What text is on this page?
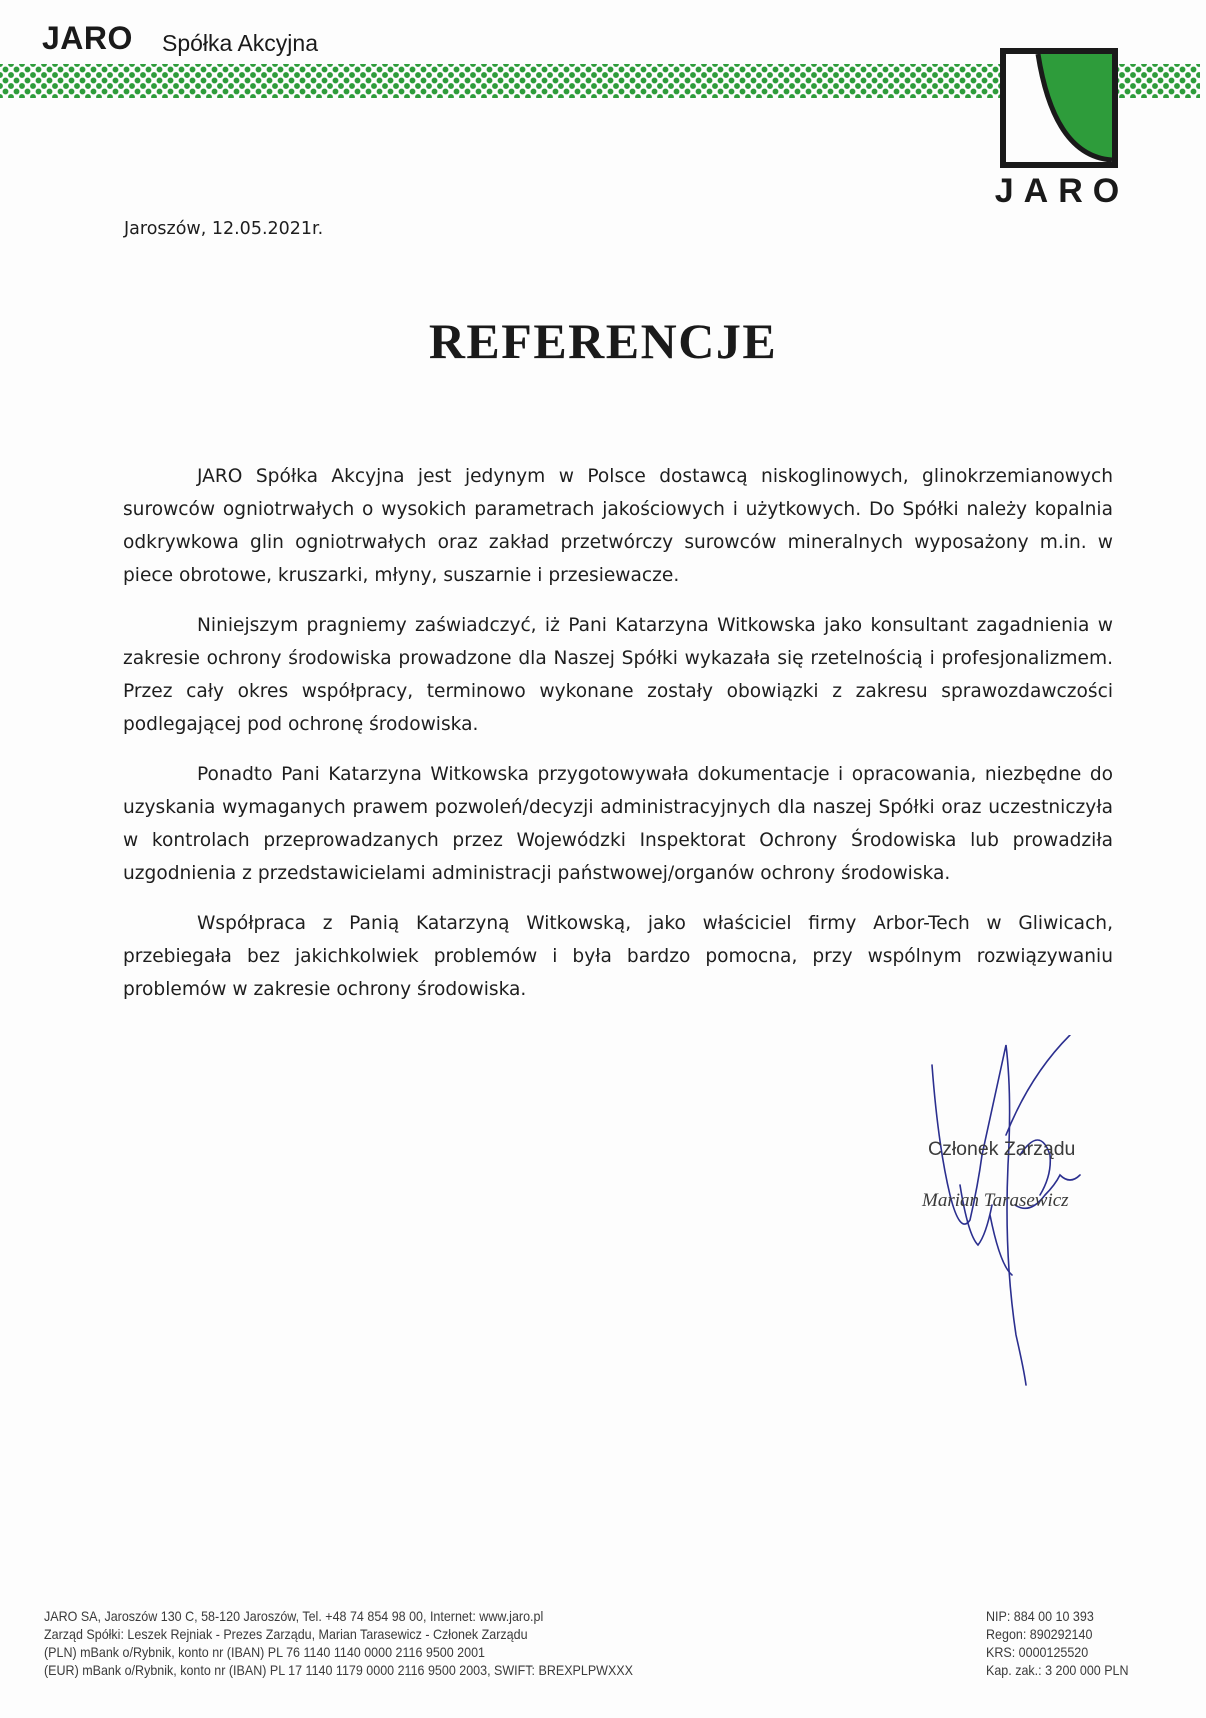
JARO Spółka Akcyjna
JARO
Jaroszów, 12.05.2021r.
REFERENCJE

JARO Spółka Akcyjna jest jedynym w Polsce dostawcą niskoglinowych, glinokrzemianowych surowców ogniotrwałych o wysokich parametrach jakościowych i użytkowych. Do Spółki należy kopalnia odkrywkowa glin ogniotrwałych oraz zakład przetwórczy surowców mineralnych wyposażony m.in. w piece obrotowe, kruszarki, młyny, suszarnie i przesiewacze.

Niniejszym pragniemy zaświadczyć, iż Pani Katarzyna Witkowska jako konsultant zagadnienia w zakresie ochrony środowiska prowadzone dla Naszej Spółki wykazała się rzetelnością i profesjonalizmem. Przez cały okres współpracy, terminowo wykonane zostały obowiązki z zakresu sprawozdawczości podlegającej pod ochronę środowiska.

Ponadto Pani Katarzyna Witkowska przygotowywała dokumentacje i opracowania, niezbędne do uzyskania wymaganych prawem pozwoleń/decyzji administracyjnych dla naszej Spółki oraz uczestniczyła w kontrolach przeprowadzanych przez Wojewódzki Inspektorat Ochrony Środowiska lub prowadziła uzgodnienia z przedstawicielami administracji państwowej/organów ochrony środowiska.

Współpraca z Panią Katarzyną Witkowską, jako właściciel firmy Arbor-Tech w Gliwicach, przebiegała bez jakichkolwiek problemów i była bardzo pomocna, przy wspólnym rozwiązywaniu problemów w zakresie ochrony środowiska.

Członek Zarządu
Marian Tarasewicz
JARO SA, Jaroszów 130 C, 58-120 Jaroszów, Tel. +48 74 854 98 00, Internet: www.jaro.pl
Zarząd Spółki: Leszek Rejniak - Prezes Zarządu, Marian Tarasewicz - Członek Zarządu
(PLN) mBank o/Rybnik, konto nr (IBAN) PL 76 1140 1140 0000 2116 9500 2001
(EUR) mBank o/Rybnik, konto nr (IBAN) PL 17 1140 1179 0000 2116 9500 2003, SWIFT: BREXPLPWXXX
NIP: 884 00 10 393
Regon: 890292140
KRS: 0000125520
Kap. zak.: 3 200 000 PLN
